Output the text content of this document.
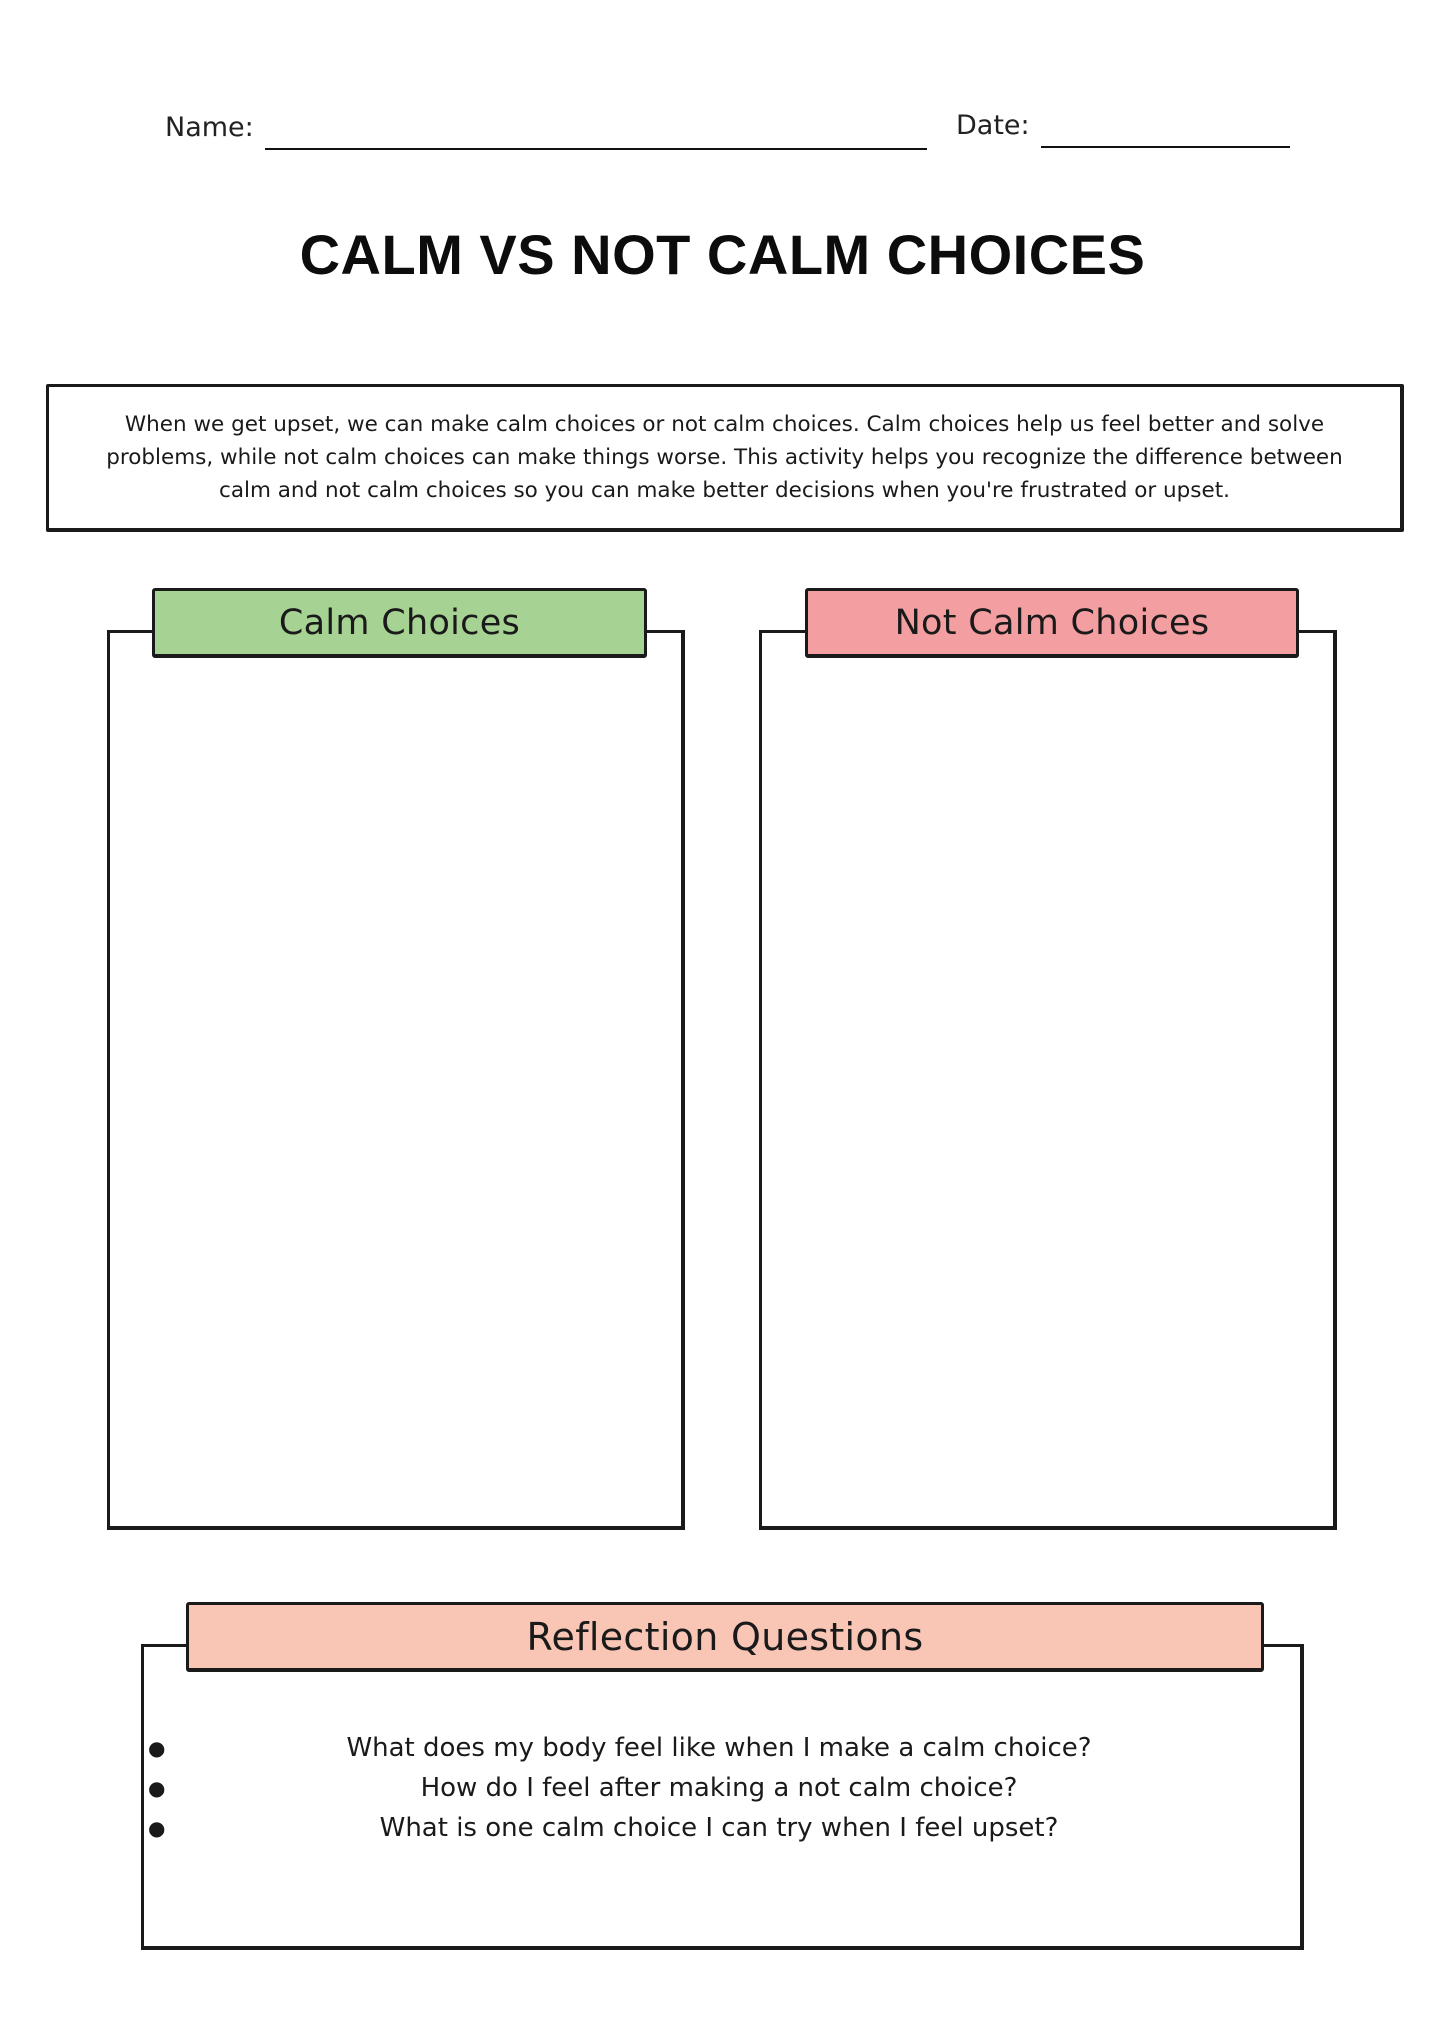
Name:	Date:
CALM VS NOT CALM CHOICES
When we get upset, we can make calm choices or not calm choices. Calm choices help us feel better and solve problems, while not calm choices can make things worse. This activity helps you recognize the difference between calm and not calm choices so you can make better decisions when you're frustrated or upset.
Calm Choices	Not Calm Choices
Reflection Questions
●	What does my body feel like when I make a calm choice?
●	How do I feel after making a not calm choice?
●	What is one calm choice I can try when I feel upset?
